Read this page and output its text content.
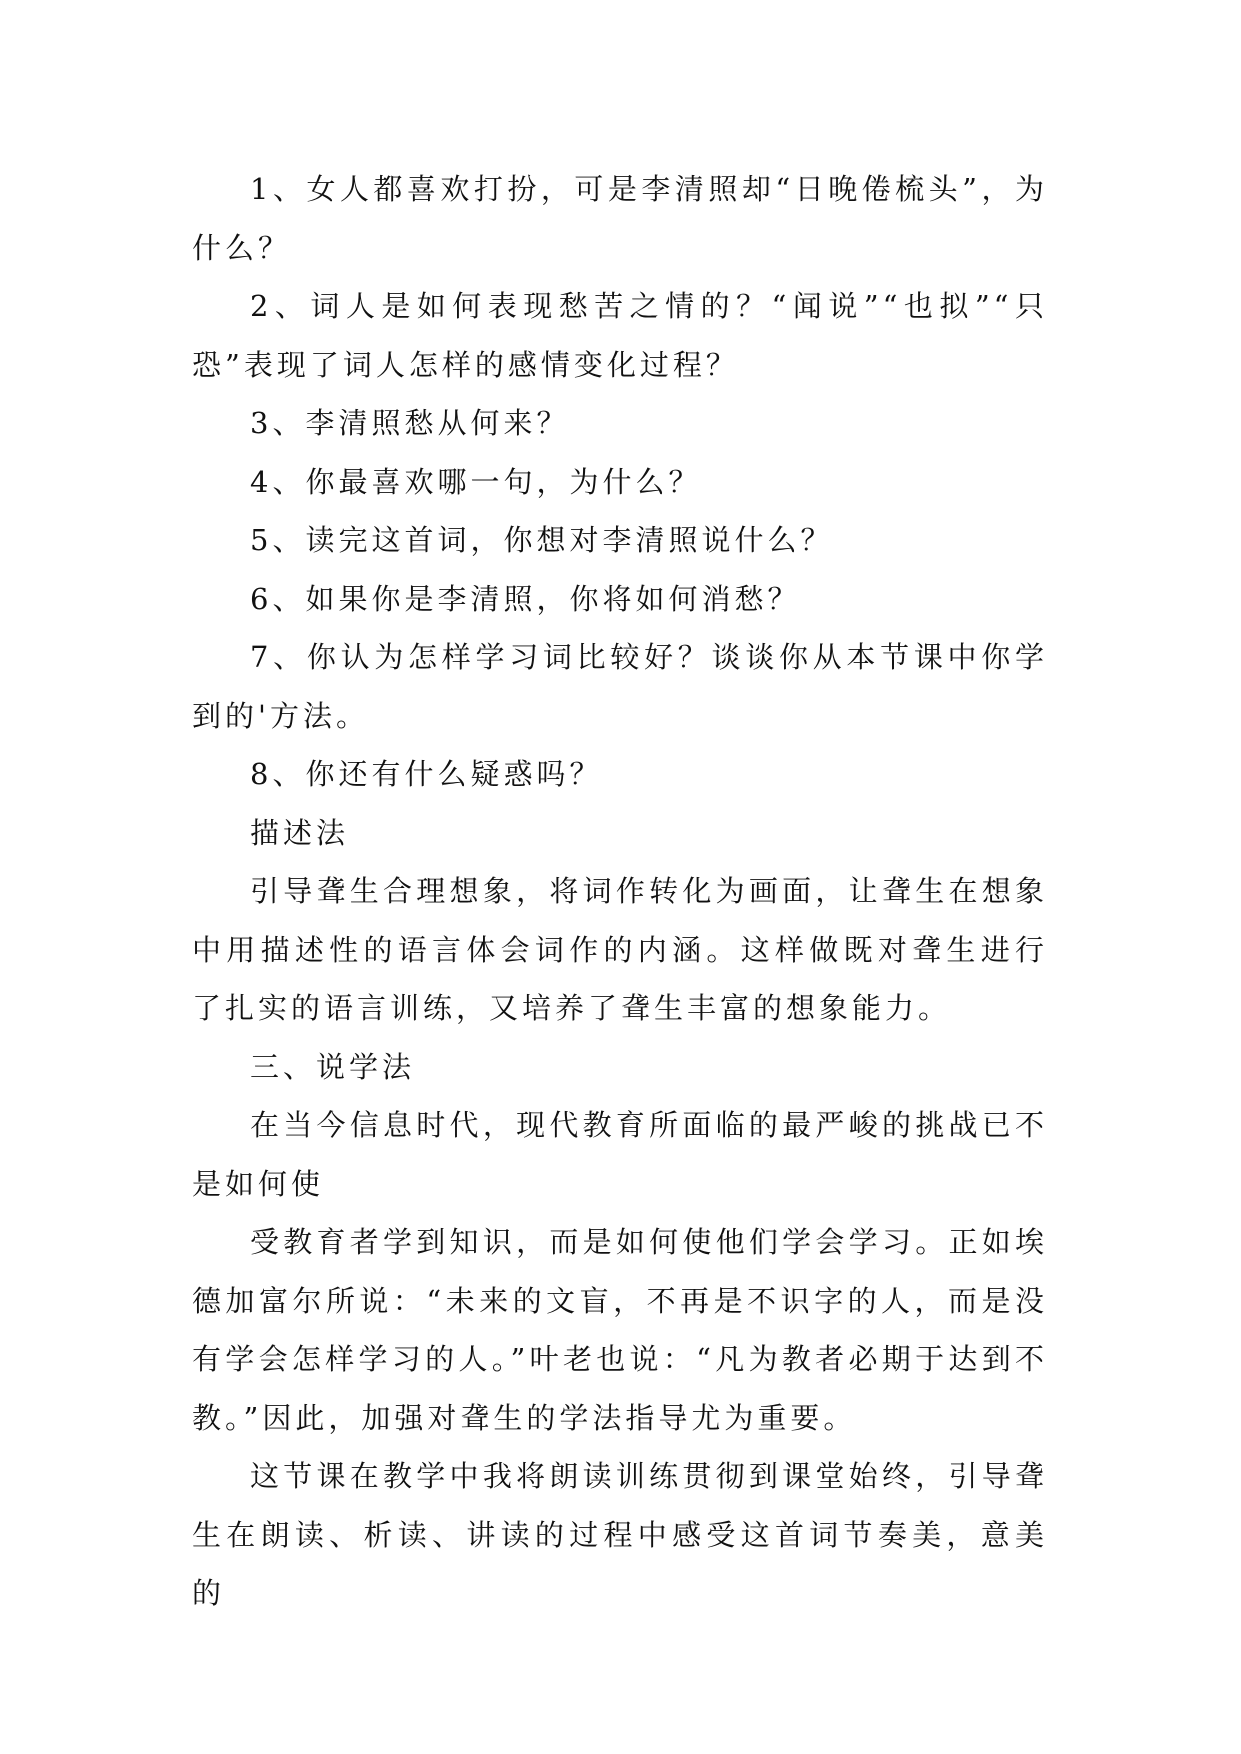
1、女人都喜欢打扮，可是李清照却“日晚倦梳头”，为什么？

2、词人是如何表现愁苦之情的？“闻说”“也拟”“只恐”表现了词人怎样的感情变化过程？

3、李清照愁从何来？

4、你最喜欢哪一句，为什么？

5、读完这首词，你想对李清照说什么？

6、如果你是李清照，你将如何消愁？

7、你认为怎样学习词比较好？谈谈你从本节课中你学到的'方法。

8、你还有什么疑惑吗？

描述法

引导聋生合理想象，将词作转化为画面，让聋生在想象中用描述性的语言体会词作的内涵。这样做既对聋生进行了扎实的语言训练，又培养了聋生丰富的想象能力。

三、说学法

在当今信息时代，现代教育所面临的最严峻的挑战已不是如何使

受教育者学到知识，而是如何使他们学会学习。正如埃德加富尔所说：“未来的文盲，不再是不识字的人，而是没有学会怎样学习的人。”叶老也说：“凡为教者必期于达到不教。”因此，加强对聋生的学法指导尤为重要。

这节课在教学中我将朗读训练贯彻到课堂始终，引导聋生在朗读、析读、讲读的过程中感受这首词节奏美，意美的
